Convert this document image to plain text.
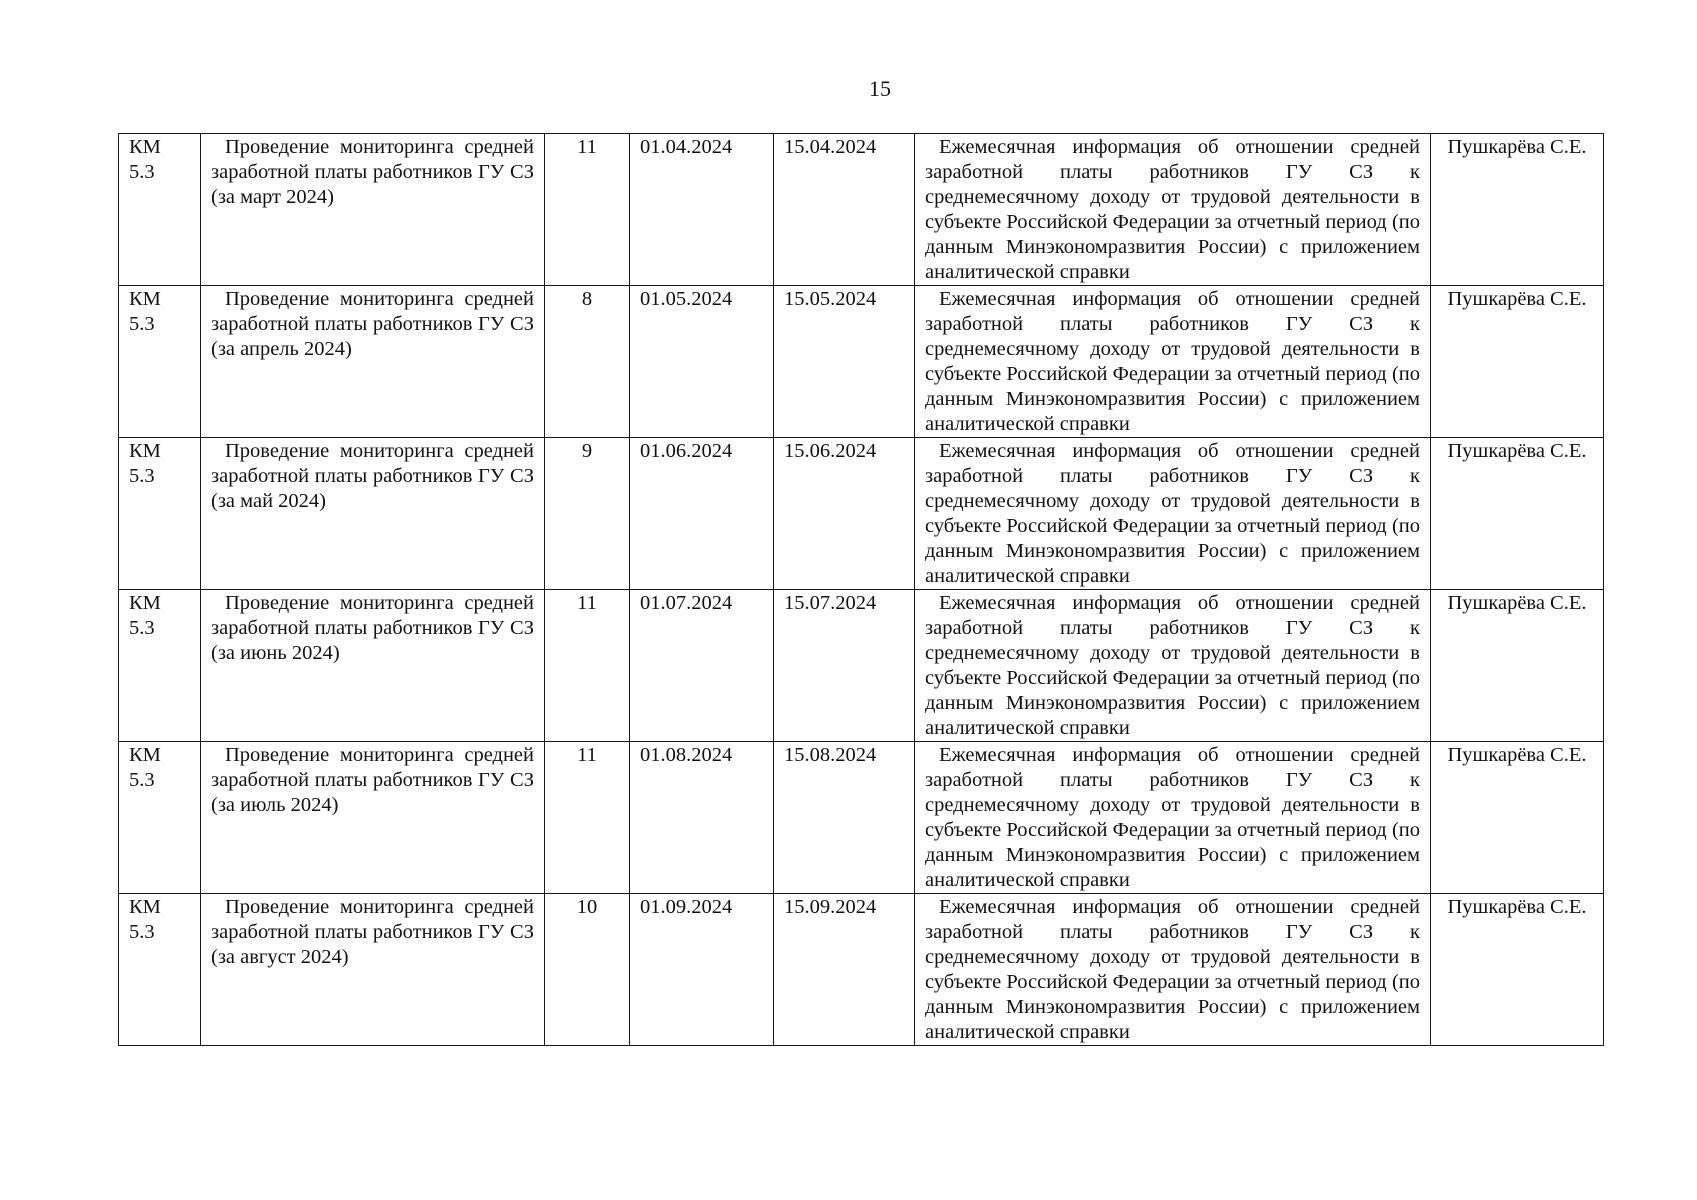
15
КМ 5.3	Проведение мониторинга средней заработной платы работников ГУ СЗ (за март 2024)	11	01.04.2024	15.04.2024	Ежемесячная информация об отношении средней заработной платы работников ГУ СЗ к среднемесячному доходу от трудовой деятельности в субъекте Российской Федерации за отчетный период (по данным Минэкономразвития России) с приложением аналитической справки	Пушкарёва С.Е.
КМ 5.3	Проведение мониторинга средней заработной платы работников ГУ СЗ (за апрель 2024)	8	01.05.2024	15.05.2024	Ежемесячная информация об отношении средней заработной платы работников ГУ СЗ к среднемесячному доходу от трудовой деятельности в субъекте Российской Федерации за отчетный период (по данным Минэкономразвития России) с приложением аналитической справки	Пушкарёва С.Е.
КМ 5.3	Проведение мониторинга средней заработной платы работников ГУ СЗ (за май 2024)	9	01.06.2024	15.06.2024	Ежемесячная информация об отношении средней заработной платы работников ГУ СЗ к среднемесячному доходу от трудовой деятельности в субъекте Российской Федерации за отчетный период (по данным Минэкономразвития России) с приложением аналитической справки	Пушкарёва С.Е.
КМ 5.3	Проведение мониторинга средней заработной платы работников ГУ СЗ (за июнь 2024)	11	01.07.2024	15.07.2024	Ежемесячная информация об отношении средней заработной платы работников ГУ СЗ к среднемесячному доходу от трудовой деятельности в субъекте Российской Федерации за отчетный период (по данным Минэкономразвития России) с приложением аналитической справки	Пушкарёва С.Е.
КМ 5.3	Проведение мониторинга средней заработной платы работников ГУ СЗ (за июль 2024)	11	01.08.2024	15.08.2024	Ежемесячная информация об отношении средней заработной платы работников ГУ СЗ к среднемесячному доходу от трудовой деятельности в субъекте Российской Федерации за отчетный период (по данным Минэкономразвития России) с приложением аналитической справки	Пушкарёва С.Е.
КМ 5.3	Проведение мониторинга средней заработной платы работников ГУ СЗ (за август 2024)	10	01.09.2024	15.09.2024	Ежемесячная информация об отношении средней заработной платы работников ГУ СЗ к среднемесячному доходу от трудовой деятельности в субъекте Российской Федерации за отчетный период (по данным Минэкономразвития России) с приложением аналитической справки	Пушкарёва С.Е.
